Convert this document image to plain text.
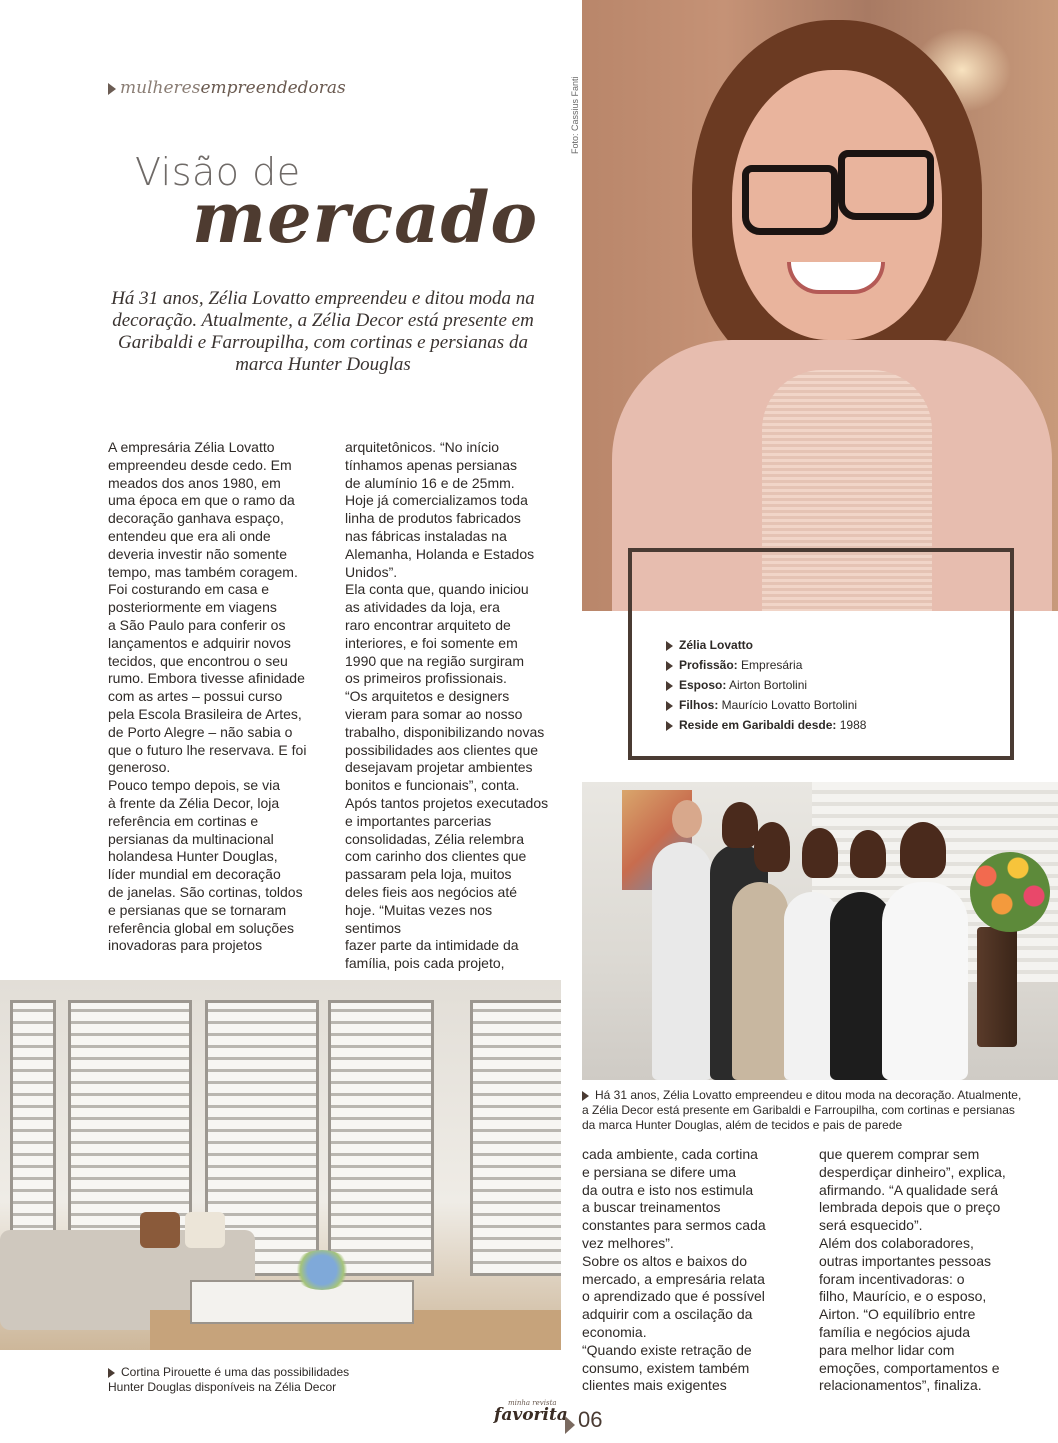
mulheresempreendedoras
Visão de
mercado
Há 31 anos, Zélia Lovatto empreendeu e ditou moda na decoração. Atualmente, a Zélia Decor está presente em Garibaldi e Farroupilha, com cortinas e persianas da marca Hunter Douglas
Foto: Cassius Fanti
Zélia Lovatto
Profissão: Empresária
Esposo: Airton Bortolini
Filhos: Maurício Lovatto Bortolini
Reside em Garibaldi desde: 1988
A empresária Zélia Lovatto
empreendeu desde cedo. Em
meados dos anos 1980, em
uma época em que o ramo da
decoração ganhava espaço,
entendeu que era ali onde
deveria investir não somente
tempo, mas também coragem.
Foi costurando em casa e
posteriormente em viagens
a São Paulo para conferir os
lançamentos e adquirir novos
tecidos, que encontrou o seu
rumo. Embora tivesse afinidade
com as artes – possui curso
pela Escola Brasileira de Artes,
de Porto Alegre – não sabia o
que o futuro lhe reservava. E foi
generoso.
Pouco tempo depois, se via
à frente da Zélia Decor, loja
referência em cortinas e
persianas da multinacional
holandesa Hunter Douglas,
líder mundial em decoração
de janelas. São cortinas, toldos
e persianas que se tornaram
referência global em soluções
inovadoras para projetos
arquitetônicos. “No início
tínhamos apenas persianas
de alumínio 16 e de 25mm.
Hoje já comercializamos toda
linha de produtos fabricados
nas fábricas instaladas na
Alemanha, Holanda e Estados
Unidos”.
Ela conta que, quando iniciou
as atividades da loja, era
raro encontrar arquiteto de
interiores, e foi somente em
1990 que na região surgiram
os primeiros profissionais.
“Os arquitetos e designers
vieram para somar ao nosso
trabalho, disponibilizando novas
possibilidades aos clientes que
desejavam projetar ambientes
bonitos e funcionais”, conta.
Após tantos projetos executados
e importantes parcerias
consolidadas, Zélia relembra
com carinho dos clientes que
passaram pela loja, muitos
deles fieis aos negócios até
hoje. “Muitas vezes nos sentimos
fazer parte da intimidade da
família, pois cada projeto,
Há 31 anos, Zélia Lovatto empreendeu e ditou moda na decoração. Atualmente, a Zélia Decor está presente em Garibaldi e Farroupilha, com cortinas e persianas da marca Hunter Douglas, além de tecidos e pais de parede
Cortina Pirouette é uma das possibilidades Hunter Douglas disponíveis na Zélia Decor
cada ambiente, cada cortina
e persiana se difere uma
da outra e isto nos estimula
a buscar treinamentos
constantes para sermos cada
vez melhores”.
Sobre os altos e baixos do
mercado, a empresária relata
o aprendizado que é possível
adquirir com a oscilação da
economia.
“Quando existe retração de
consumo, existem também
clientes mais exigentes
que querem comprar sem
desperdiçar dinheiro”, explica,
afirmando. “A qualidade será
lembrada depois que o preço
será esquecido”.
Além dos colaboradores,
outras importantes pessoas
foram incentivadoras: o
filho, Maurício, e o esposo,
Airton. “O equilíbrio entre
família e negócios ajuda
para melhor lidar com
emoções, comportamentos e
relacionamentos”, finaliza.
minha revista
favorita 06
